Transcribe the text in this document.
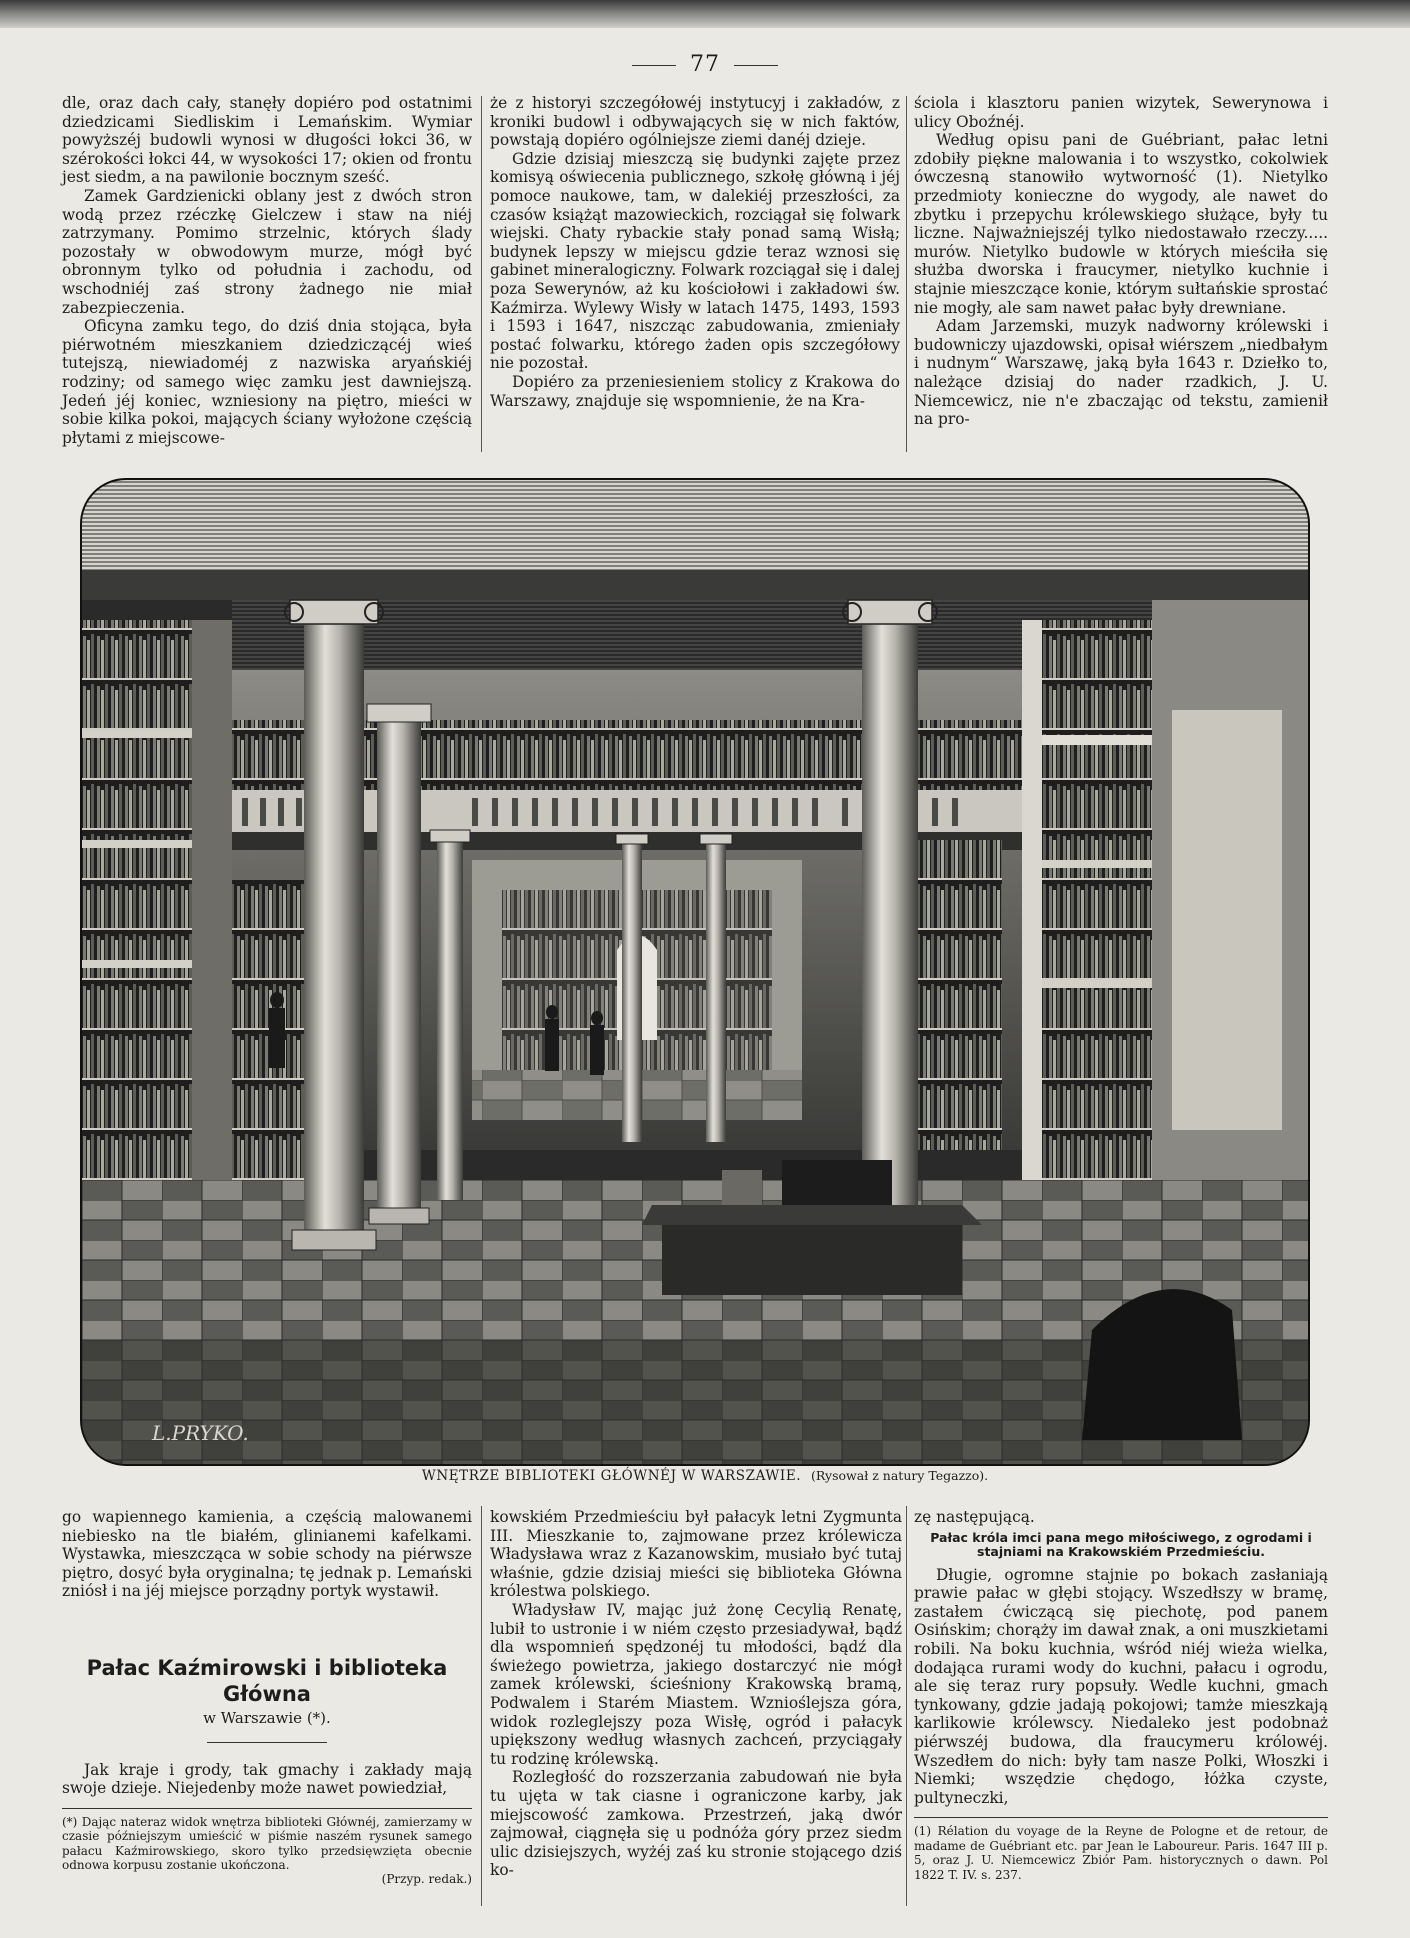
77

dle, oraz dach cały, stanęły dopiéro pod ostatnimi dziedzicami Siedliskim i Lemańskim. Wymiar powyższéj budowli wynosi w długości łokci 36, w szérokości łokci 44, w wysokości 17; okien od frontu jest siedm, a na pawilonie bocznym sześć.

Zamek Gardzienicki oblany jest z dwóch stron wodą przez rzéczkę Gielczew i staw na niéj zatrzymany. Pomimo strzelnic, których ślady pozostały w obwodowym murze, mógł być obronnym tylko od południa i zachodu, od wschodniéj zaś strony żadnego nie miał zabezpieczenia.

Oficyna zamku tego, do dziś dnia stojąca, była piérwotném mieszkaniem dziedziczącéj wieś tutejszą, niewiadoméj z nazwiska aryańskiéj rodziny; od samego więc zamku jest dawniejszą. Jedeń jéj koniec, wzniesiony na piętro, mieści w sobie kilka pokoi, mających ściany wyłożone częścią płytami z miejscowe-

że z historyi szczegółowéj instytucyj i zakładów, z kroniki budowl i odbywających się w nich faktów, powstają dopiéro ogólniejsze ziemi danéj dzieje.

Gdzie dzisiaj mieszczą się budynki zajęte przez komisyą oświecenia publicznego, szkołę główną i jéj pomoce naukowe, tam, w dalekiéj przeszłości, za czasów książąt mazowieckich, rozciągał się folwark wiejski. Chaty rybackie stały ponad samą Wisłą; budynek lepszy w miejscu gdzie teraz wznosi się gabinet mineralogiczny. Folwark rozciągał się i dalej poza Sewerynów, aż ku kościołowi i zakładowi św. Kaźmirza. Wylewy Wisły w latach 1475, 1493, 1593 i 1593 i 1647, niszcząc zabudowania, zmieniały postać folwarku, którego żaden opis szczegółowy nie pozostał.

Dopiéro za przeniesieniem stolicy z Krakowa do Warszawy, znajduje się wspomnienie, że na Kra-

ściola i klasztoru panien wizytek, Sewerynowa i ulicy Oboźnéj.

Według opisu pani de Guébriant, pałac letni zdobiły piękne malowania i to wszystko, cokolwiek ówczesną stanowiło wytworność (1). Nietylko przedmioty konieczne do wygody, ale nawet do zbytku i przepychu królewskiego służące, były tu liczne. Najważniejszéj tylko niedostawało rzeczy..... murów. Nietylko budowle w których mieściła się służba dworska i fraucymer, nietylko kuchnie i stajnie mieszczące konie, którym sułtańskie sprostać nie mogły, ale sam nawet pałac były drewniane.

Adam Jarzemski, muzyk nadworny królewski i budowniczy ujazdowski, opisał wiérszem „niedbałym i nudnym“ Warszawę, jaką była 1643 r. Dziełko to, należące dzisiaj do nader rzadkich, J. U. Niemcewicz, nie n'e zbaczając od tekstu, zamienił na pro-

L.PRYKO.
WNĘTRZE BIBLIOTEKI GŁÓWNÉJ W WARSZAWIE. (Rysował z natury Tegazzo).

go wapiennego kamienia, a częścią malowanemi niebiesko na tle białém, glinianemi kafelkami. Wystawka, mieszcząca w sobie schody na piérwsze piętro, dosyć była oryginalna; tę jednak p. Lemański zniósł i na jéj miejsce porządny portyk wystawił.

Pałac Kaźmirowski i biblioteka Główna
w Warszawie (*).

Jak kraje i grody, tak gmachy i zakłady mają swoje dzieje. Niejedenby może nawet powiedział,

(*) Dając nateraz widok wnętrza biblioteki Głównéj, zamierzamy w czasie późniejszym umieścić w piśmie naszém rysunek samego pałacu Kaźmirowskiego, skoro tylko przedsięwzięta obecnie odnowa korpusu zostanie ukończona.
(Przyp. redak.)

kowskiém Przedmieściu był pałacyk letni Zygmunta III. Mieszkanie to, zajmowane przez królewicza Władysława wraz z Kazanowskim, musiało być tutaj właśnie, gdzie dzisiaj mieści się biblioteka Główna królestwa polskiego.

Władysław IV, mając już żonę Cecylią Renatę, lubił to ustronie i w niém często przesiadywał, bądź dla wspomnień spędzonéj tu młodości, bądź dla świeżego powietrza, jakiego dostarczyć nie mógł zamek królewski, ścieśniony Krakowską bramą, Podwalem i Starém Miastem. Wznioślejsza góra, widok rozleglejszy poza Wisłę, ogród i pałacyk upiększony według własnych zachceń, przyciągały tu rodzinę królewską.

Rozległość do rozszerzania zabudowań nie była tu ujęta w tak ciasne i ograniczone karby, jak miejscowość zamkowa. Przestrzeń, jaką dwór zajmował, ciągnęła się u podnóża góry przez siedm ulic dzisiejszych, wyżéj zaś ku stronie stojącego dziś ko-

zę następującą.

Pałac króla imci pana mego miłościwego, z ogrodami i stajniami na Krakowskiém Przedmieściu.

Długie, ogromne stajnie po bokach zasłaniają prawie pałac w głębi stojący. Wszedłszy w bramę, zastałem ćwiczącą się piechotę, pod panem Osińskim; chorąży im dawał znak, a oni muszkietami robili. Na boku kuchnia, wśród niéj wieża wielka, dodająca rurami wody do kuchni, pałacu i ogrodu, ale się teraz rury popsuły. Wedle kuchni, gmach tynkowany, gdzie jadają pokojowi; tamże mieszkają karlikowie królewscy. Niedaleko jest podobnaż piérwszéj budowa, dla fraucymeru królowéj. Wszedłem do nich: były tam nasze Polki, Włoszki i Niemki; wszędzie chędogo, łóżka czyste, pultyneczki,

(1) Rélation du voyage de la Reyne de Pologne et de retour, de madame de Guébriant etc. par Jean le Laboureur. Paris. 1647 III p. 5, oraz J. U. Niemcewicz Zbiór Pam. historycznych o dawn. Pol 1822 T. IV. s. 237.
